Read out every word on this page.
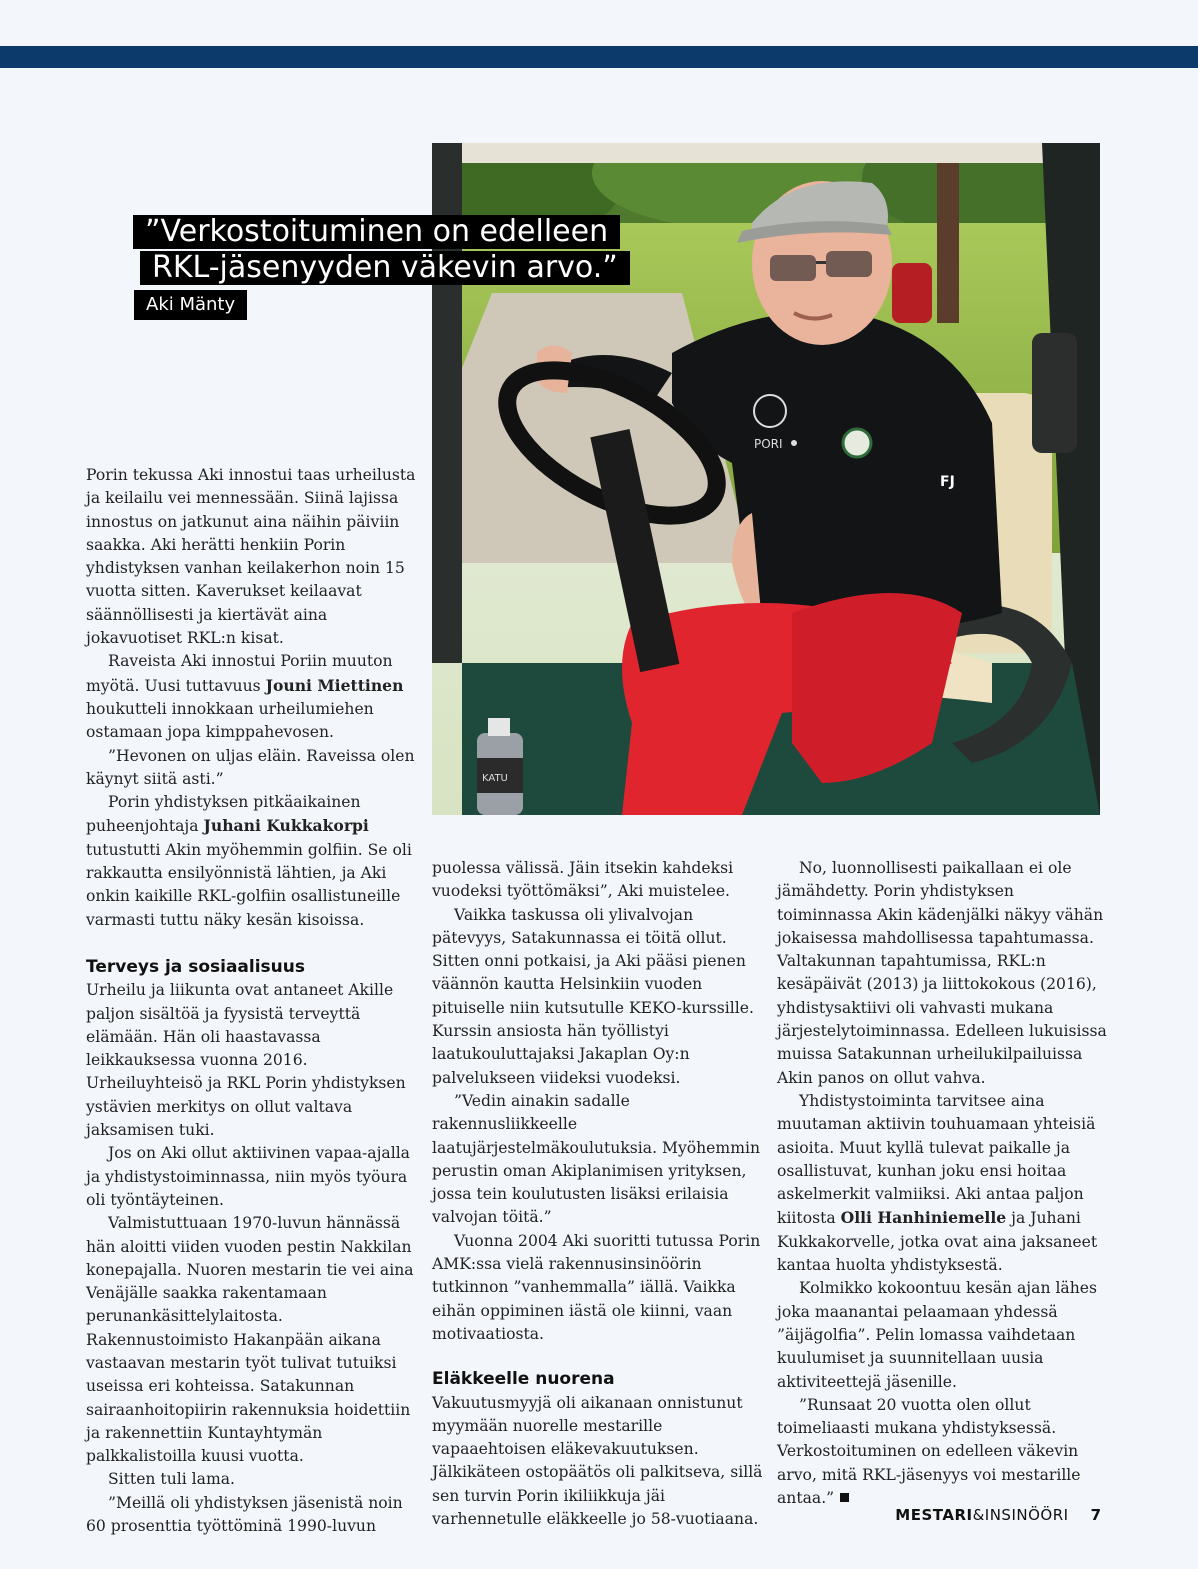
PORI
FJ
KATU
”Verkostoituminen on edelleen
RKL-jäsenyyden väkevin arvo.”
Aki Mänty

Porin tekussa Aki innostui taas urheilusta ja keilailu vei mennessään. Siinä lajissa innostus on jatkunut aina näihin päiviin saakka. Aki herätti henkiin Porin yhdistyksen vanhan keilakerhon noin 15 vuotta sitten. Kaverukset keilaavat säännöllisesti ja kiertävät aina jokavuotiset RKL:n kisat.

Raveista Aki innostui Poriin muuton myötä. Uusi tuttavuus Jouni Miettinen houkutteli innokkaan urheilumiehen ostamaan jopa kimppahevosen.

”Hevonen on uljas eläin. Raveissa olen käynyt siitä asti.”

Porin yhdistyksen pitkäaikainen puheenjohtaja Juhani Kukkakorpi tutustutti Akin myöhemmin golfiin. Se oli rakkautta ensilyönnistä lähtien, ja Aki onkin kaikille RKL-golfiin osallistuneille varmasti tuttu näky kesän kisoissa.

Terveys ja sosiaalisuus

Urheilu ja liikunta ovat antaneet Akille paljon sisältöä ja fyysistä terveyttä elämään. Hän oli haastavassa leikkauksessa vuonna 2016. Urheiluyhteisö ja RKL Porin yhdistyksen ystävien merkitys on ollut valtava jaksamisen tuki.

Jos on Aki ollut aktiivinen vapaa-ajalla ja yhdistystoiminnassa, niin myös työura oli työntäyteinen.

Valmistuttuaan 1970-luvun hännässä hän aloitti viiden vuoden pestin Nakkilan konepajalla. Nuoren mestarin tie vei aina Venäjälle saakka rakentamaan perunankäsittelylaitosta. Rakennustoimisto Hakanpään aikana vastaavan mestarin työt tulivat tutuiksi useissa eri kohteissa. Satakunnan sairaanhoitopiirin rakennuksia hoidettiin ja rakennettiin Kuntayhtymän palkkalistoilla kuusi vuotta.

Sitten tuli lama.

”Meillä oli yhdistyksen jäsenistä noin 60 prosenttia työttöminä 1990-luvun

puolessa välissä. Jäin itsekin kahdeksi vuodeksi työttömäksi”, Aki muistelee.

Vaikka taskussa oli ylivalvojan pätevyys, Satakunnassa ei töitä ollut. Sitten onni potkaisi, ja Aki pääsi pienen väännön kautta Helsinkiin vuoden pituiselle niin kutsutulle KEKO-kurssille. Kurssin ansiosta hän työllistyi laatukouluttajaksi Jakaplan Oy:n palvelukseen viideksi vuodeksi.

”Vedin ainakin sadalle rakennusliikkeelle laatujärjestelmäkoulutuksia. Myöhemmin perustin oman Akiplanimisen yrityksen, jossa tein koulutusten lisäksi erilaisia valvojan töitä.”

Vuonna 2004 Aki suoritti tutussa Porin AMK:ssa vielä rakennusinsinöörin tutkinnon ”vanhemmalla” iällä. Vaikka eihän oppiminen iästä ole kiinni, vaan motivaatiosta.

Eläkkeelle nuorena

Vakuutusmyyjä oli aikanaan onnistunut myymään nuorelle mestarille vapaaehtoisen eläkevakuutuksen. Jälkikäteen ostopäätös oli palkitseva, sillä sen turvin Porin ikiliikkuja jäi varhennetulle eläkkeelle jo 58-vuotiaana.

No, luonnollisesti paikallaan ei ole jämähdetty. Porin yhdistyksen toiminnassa Akin kädenjälki näkyy vähän jokaisessa mahdollisessa tapahtumassa. Valtakunnan tapahtumissa, RKL:n kesäpäivät (2013) ja liittokokous (2016), yhdistysaktiivi oli vahvasti mukana järjestelytoiminnassa. Edelleen lukuisissa muissa Satakunnan urheilukilpailuissa Akin panos on ollut vahva.

Yhdistystoiminta tarvitsee aina muutaman aktiivin touhuamaan yhteisiä asioita. Muut kyllä tulevat paikalle ja osallistuvat, kunhan joku ensi hoitaa askelmerkit valmiiksi. Aki antaa paljon kiitosta Olli Hanhiniemelle ja Juhani Kukkakorvelle, jotka ovat aina jaksaneet kantaa huolta yhdistyksestä.

Kolmikko kokoontuu kesän ajan lähes joka maanantai pelaamaan yhdessä ”äijägolfia”. Pelin lomassa vaihdetaan kuulumiset ja suunnitellaan uusia aktiviteettejä jäsenille.

”Runsaat 20 vuotta olen ollut toimeliaasti mukana yhdistyksessä. Verkostoituminen on edelleen väkevin arvo, mitä RKL-jäsenyys voi mestarille antaa.”

MESTARI&INSINÖÖRI 7
